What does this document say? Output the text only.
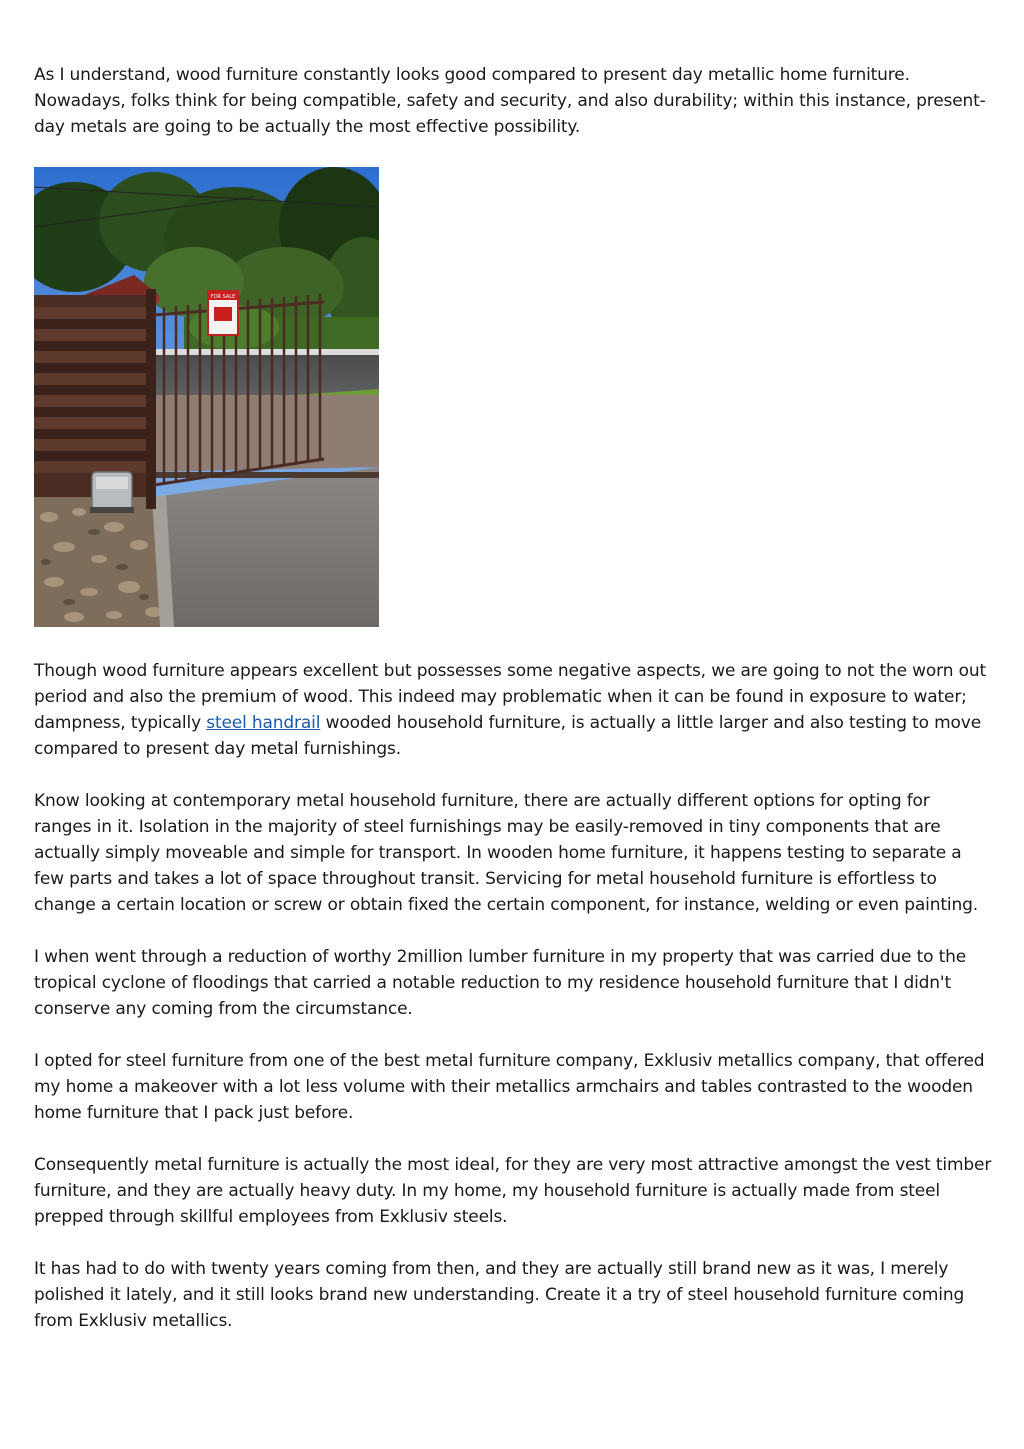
As I understand, wood furniture constantly looks good compared to present day metallic home furniture. Nowadays, folks think for being compatible, safety and security, and also durability; within this instance, present-day metals are going to be actually the most effective possibility.

FOR SALE

Though wood furniture appears excellent but possesses some negative aspects, we are going to not the worn out period and also the premium of wood. This indeed may problematic when it can be found in exposure to water; dampness, typically steel handrail wooded household furniture, is actually a little larger and also testing to move compared to present day metal furnishings.

Know looking at contemporary metal household furniture, there are actually different options for opting for ranges in it. Isolation in the majority of steel furnishings may be easily-removed in tiny components that are actually simply moveable and simple for transport. In wooden home furniture, it happens testing to separate a few parts and takes a lot of space throughout transit. Servicing for metal household furniture is effortless to change a certain location or screw or obtain fixed the certain component, for instance, welding or even painting.

I when went through a reduction of worthy 2million lumber furniture in my property that was carried due to the tropical cyclone of floodings that carried a notable reduction to my residence household furniture that I didn't conserve any coming from the circumstance.

I opted for steel furniture from one of the best metal furniture company, Exklusiv metallics company, that offered my home a makeover with a lot less volume with their metallics armchairs and tables contrasted to the wooden home furniture that I pack just before.

Consequently metal furniture is actually the most ideal, for they are very most attractive amongst the vest timber furniture, and they are actually heavy duty. In my home, my household furniture is actually made from steel prepped through skillful employees from Exklusiv steels.

It has had to do with twenty years coming from then, and they are actually still brand new as it was, I merely polished it lately, and it still looks brand new understanding. Create it a try of steel household furniture coming from Exklusiv metallics.
